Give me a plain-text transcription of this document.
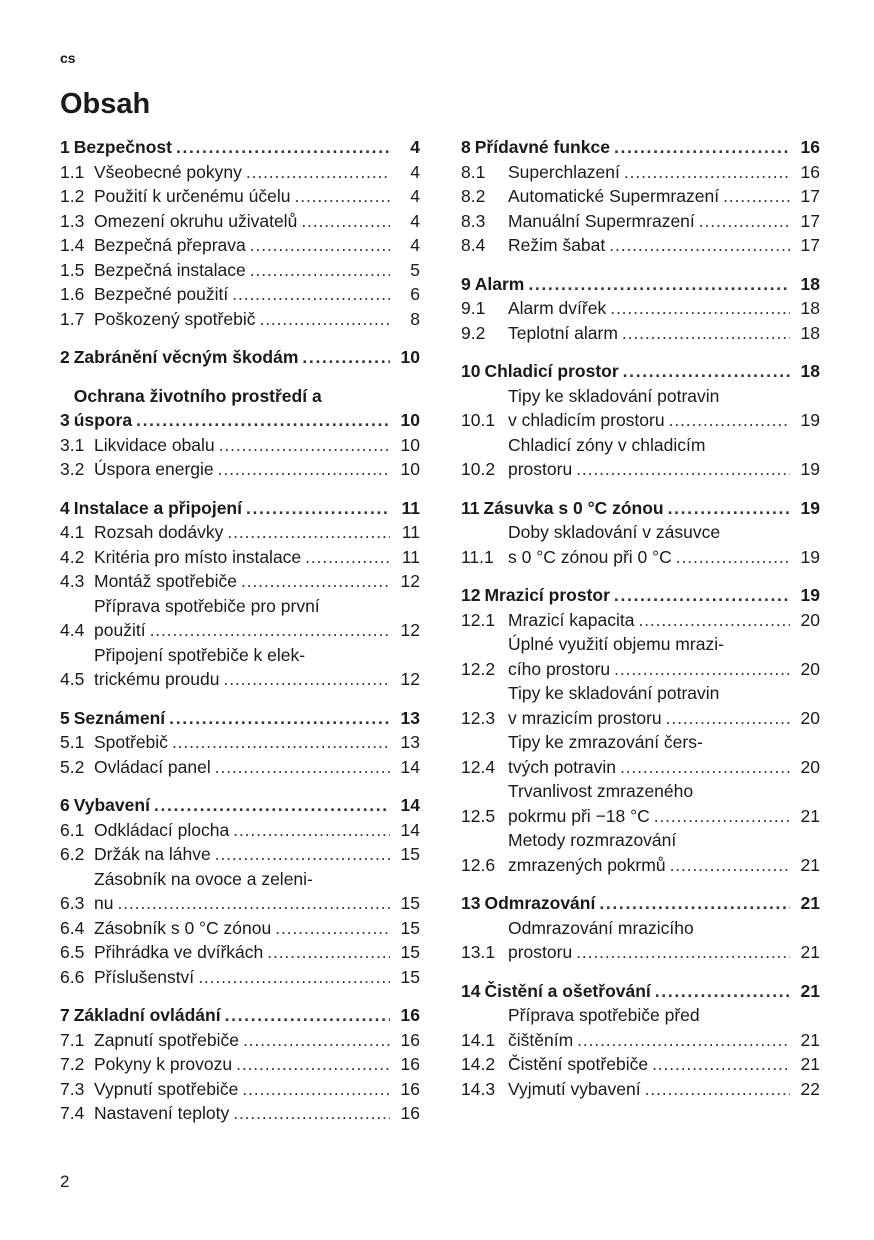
cs
Obsah
1 Bezpečnost . . .	4
1.1 Všeobecné pokyny . . .	4
1.2 Použití k určenému účelu . . .	4
1.3 Omezení okruhu uživatelů . . .	4
1.4 Bezpečná přeprava . . .	4
1.5 Bezpečná instalace . . .	5
1.6 Bezpečné použití . . .	6
1.7 Poškozený spotřebič . . .	8
2 Zabránění věcným škodám . . .	10
3
Ochrana životního prostředí a
úspora . . .	10
3.1 Likvidace obalu . . .	10
3.2 Úspora energie . . .	10
4 Instalace a připojení . . .	11
4.1 Rozsah dodávky . . .	11
4.2 Kritéria pro místo instalace . . .	11
4.3 Montáž spotřebiče . . .	12
4.4
Příprava spotřebiče pro první
použití . . .	12
4.5
Připojení spotřebiče k elek-
trickému proudu . . .	12
5 Seznámení . . .	13
5.1 Spotřebič . . .	13
5.2 Ovládací panel . . .	14
6 Vybavení . . .	14
6.1 Odkládací plocha . . .	14
6.2 Držák na láhve . . .	15
6.3
Zásobník na ovoce a zeleni-
nu . . .	15
6.4 Zásobník s 0 °C zónou . . .	15
6.5 Přihrádka ve dvířkách . . .	15
6.6 Příslušenství . . .	15
7 Základní ovládání . . .	16
7.1 Zapnutí spotřebiče . . .	16
7.2 Pokyny k provozu . . .	16
7.3 Vypnutí spotřebiče . . .	16
7.4 Nastavení teploty . . .	16
8 Přídavné funkce . . .	16
8.1	Superchlazení . . .	16
8.2	Automatické Supermrazení . . .	17
8.3	Manuální Supermrazení . . .	17
8.4	Režim šabat . . .	17
9 Alarm . . .	18
9.1	Alarm dvířek . . .	18
9.2	Teplotní alarm . . .	18
10 Chladicí prostor . . .	18
10.1
Tipy ke skladování potravin
v chladicím prostoru . . .	19
10.2
Chladicí zóny v chladicím
prostoru . . .	19
11 Zásuvka s 0 °C zónou . . .	19
11.1
Doby skladování v zásuvce
s 0 °C zónou při 0 °C . . .	19
12 Mrazicí prostor . . .	19
12.1 Mrazicí kapacita . . .	20
12.2
Úplné využití objemu mrazi-
cího prostoru . . .	20
12.3
Tipy ke skladování potravin
v mrazicím prostoru . . .	20
12.4
Tipy ke zmrazování čers-
tvých potravin . . .	20
12.5
Trvanlivost zmrazeného
pokrmu při −18 °C . . .	21
12.6
Metody rozmrazování
zmrazených pokrmů . . .	21
13 Odmrazování . . .	21
13.1
Odmrazování mrazicího
prostoru . . .	21
14 Čistění a ošetřování . . .	21
14.1
Příprava spotřebiče před
čištěním . . .	21
14.2 Čistění spotřebiče . . .	21
14.3 Vyjmutí vybavení . . .	22
2
